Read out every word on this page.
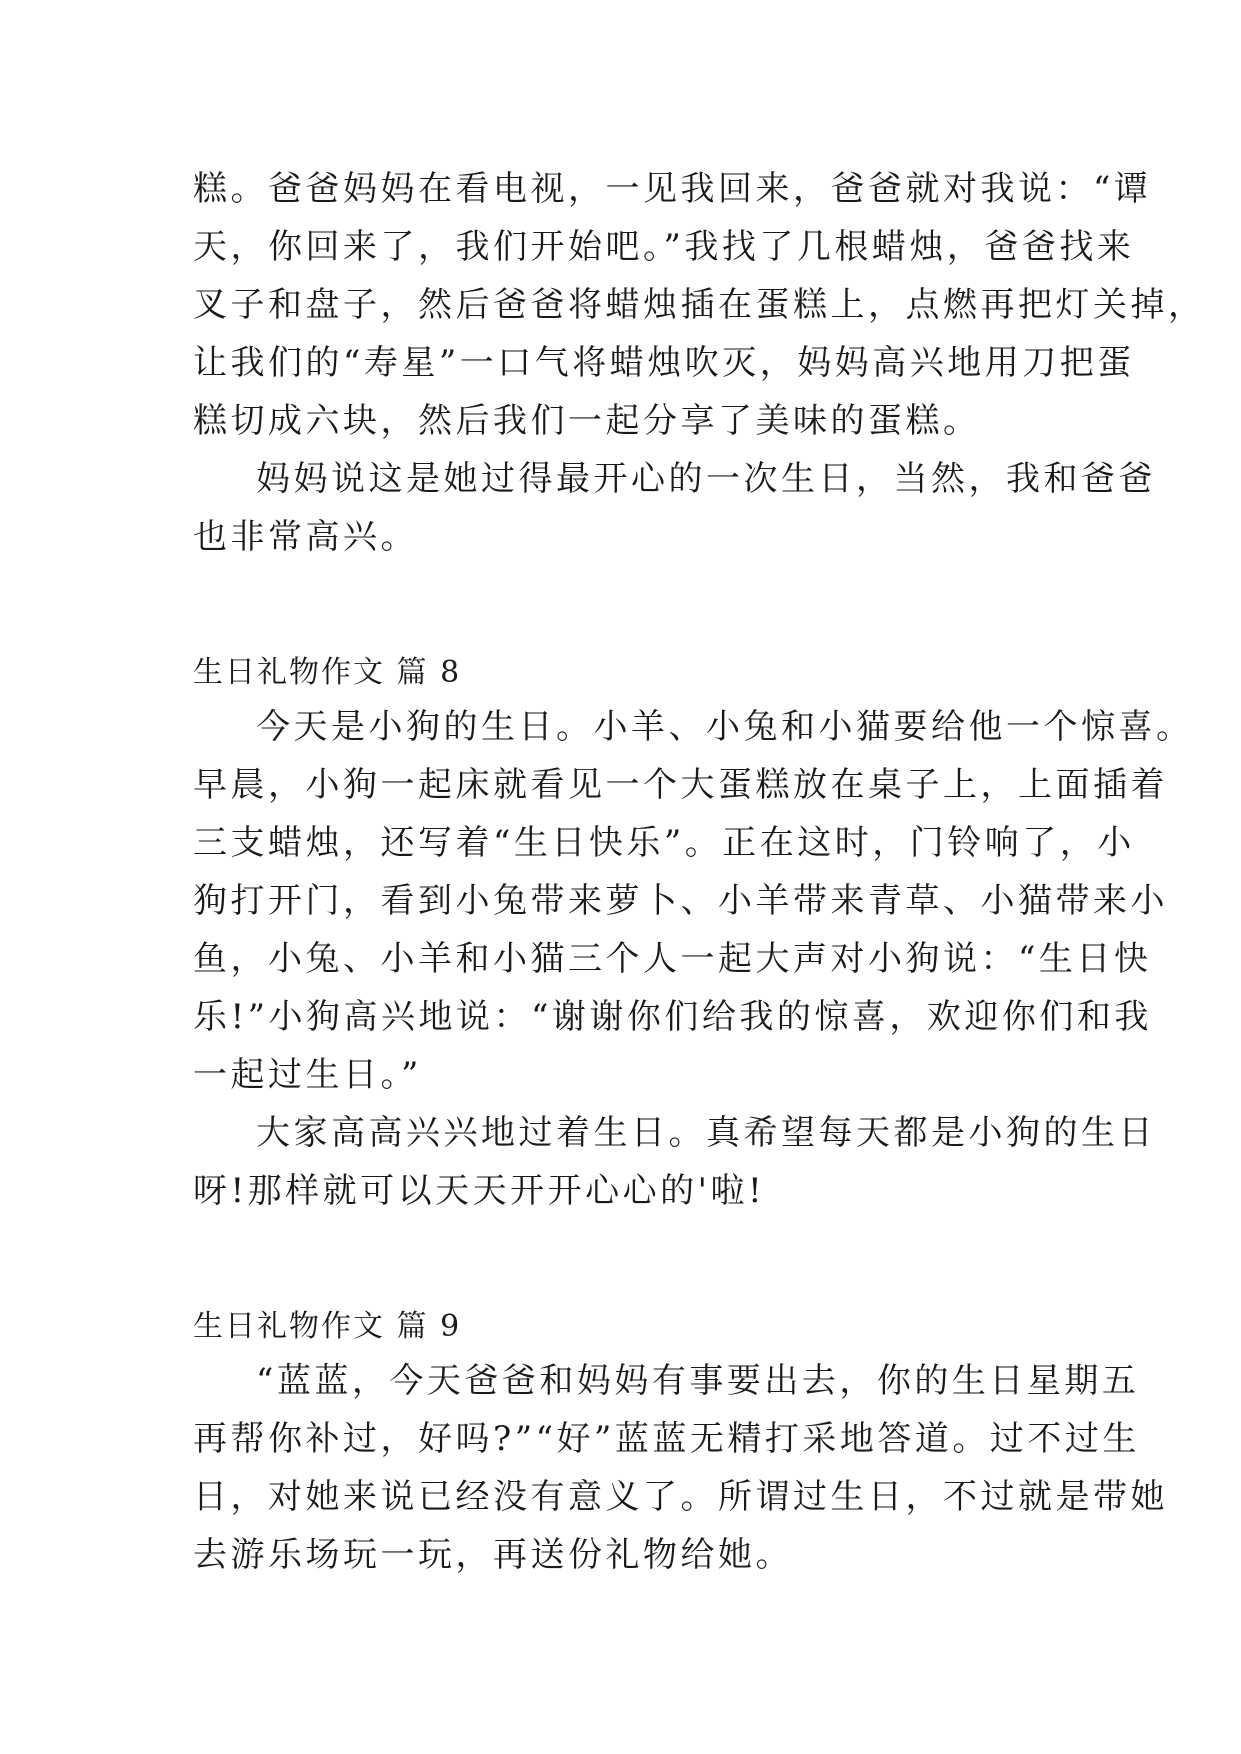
糕。爸爸妈妈在看电视，一见我回来，爸爸就对我说：“谭
天，你回来了，我们开始吧。”我找了几根蜡烛，爸爸找来
叉子和盘子，然后爸爸将蜡烛插在蛋糕上，点燃再把灯关掉，
让我们的“寿星”一口气将蜡烛吹灭，妈妈高兴地用刀把蛋
糕切成六块，然后我们一起分享了美味的蛋糕。
妈妈说这是她过得最开心的一次生日，当然，我和爸爸
也非常高兴。
生日礼物作文 篇 8
今天是小狗的生日。小羊、小兔和小猫要给他一个惊喜。
早晨，小狗一起床就看见一个大蛋糕放在桌子上，上面插着
三支蜡烛，还写着“生日快乐”。正在这时，门铃响了，小
狗打开门，看到小兔带来萝卜、小羊带来青草、小猫带来小
鱼，小兔、小羊和小猫三个人一起大声对小狗说：“生日快
乐!”小狗高兴地说：“谢谢你们给我的惊喜，欢迎你们和我
一起过生日。”
大家高高兴兴地过着生日。真希望每天都是小狗的生日
呀!那样就可以天天开开心心的'啦!
生日礼物作文 篇 9
“蓝蓝，今天爸爸和妈妈有事要出去，你的生日星期五
再帮你补过，好吗?”“好”蓝蓝无精打采地答道。过不过生
日，对她来说已经没有意义了。所谓过生日，不过就是带她
去游乐场玩一玩，再送份礼物给她。
